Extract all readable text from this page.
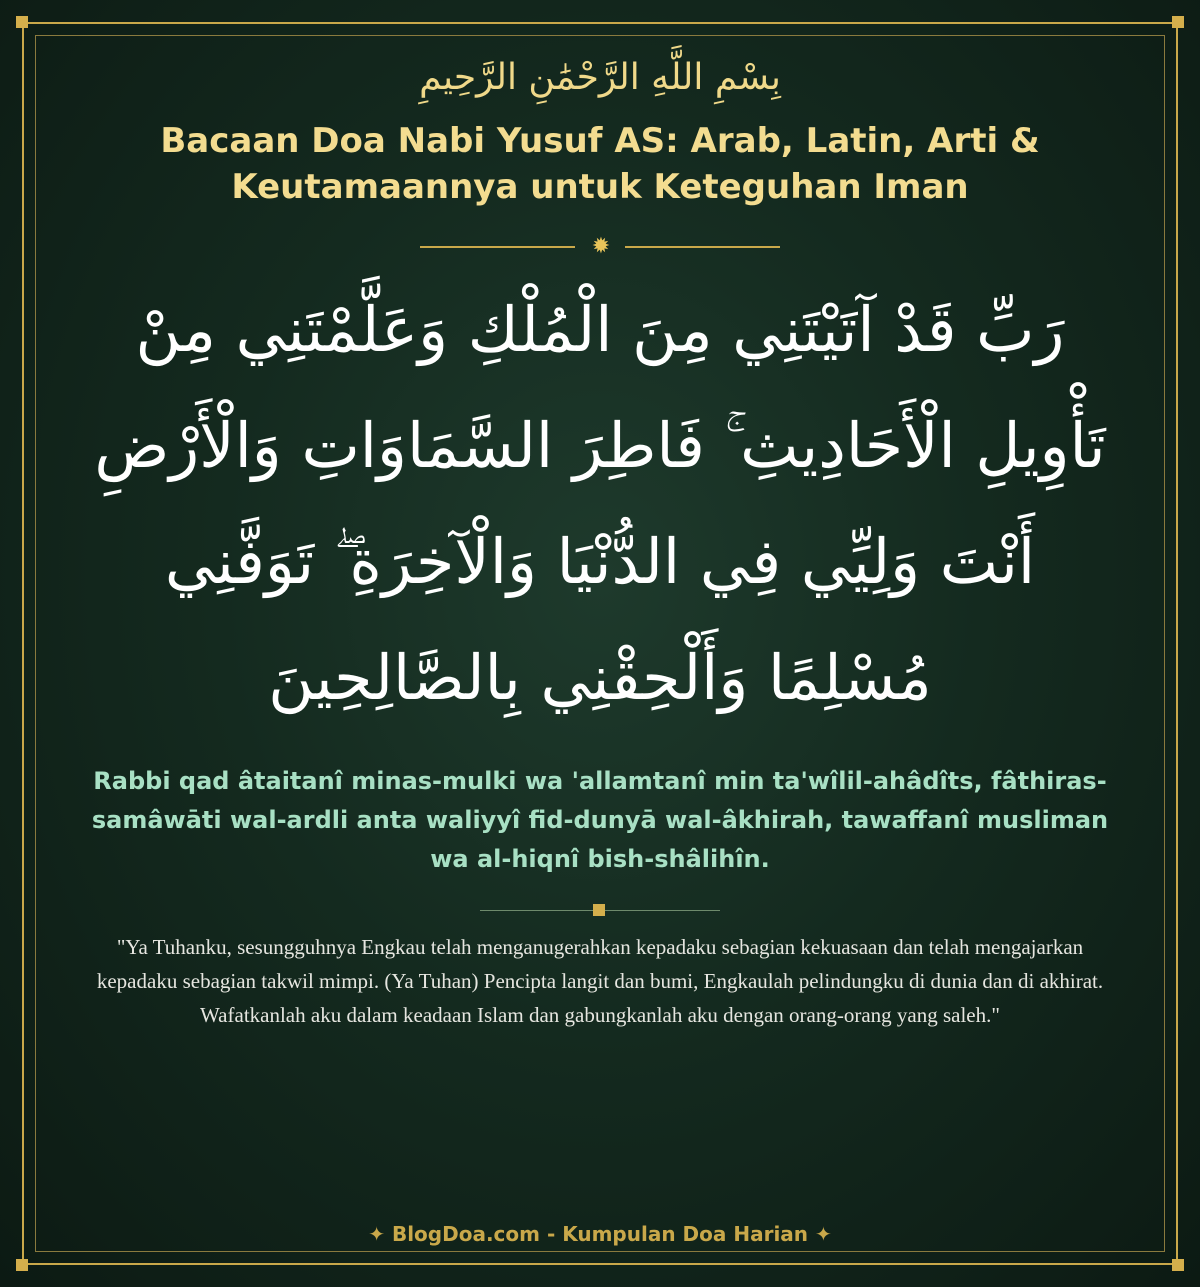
بِسْمِ اللَّهِ الرَّحْمَٰنِ الرَّحِيمِ
Bacaan Doa Nabi Yusuf AS: Arab, Latin, Arti & Keutamaannya untuk Keteguhan Iman
✹
رَبِّ قَدْ آتَيْتَنِي مِنَ الْمُلْكِ وَعَلَّمْتَنِي مِنْ تَأْوِيلِ الْأَحَادِيثِ ۚ فَاطِرَ السَّمَاوَاتِ وَالْأَرْضِ أَنْتَ وَلِيِّي فِي الدُّنْيَا وَالْآخِرَةِ ۖ تَوَفَّنِي مُسْلِمًا وَأَلْحِقْنِي بِالصَّالِحِينَ
Rabbi qad âtaitanî minas-mulki wa 'allamtanî min ta'wîlil-ahâdîts, fâthiras-samâwāti wal-ardli anta waliyyî fid-dunyā wal-âkhirah, tawaffanî musliman wa al-hiqnî bish-shâlihîn.
"Ya Tuhanku, sesungguhnya Engkau telah menganugerahkan kepadaku sebagian kekuasaan dan telah mengajarkan kepadaku sebagian takwil mimpi. (Ya Tuhan) Pencipta langit dan bumi, Engkaulah pelindungku di dunia dan di akhirat. Wafatkanlah aku dalam keadaan Islam dan gabungkanlah aku dengan orang-orang yang saleh."
✦ BlogDoa.com - Kumpulan Doa Harian ✦
